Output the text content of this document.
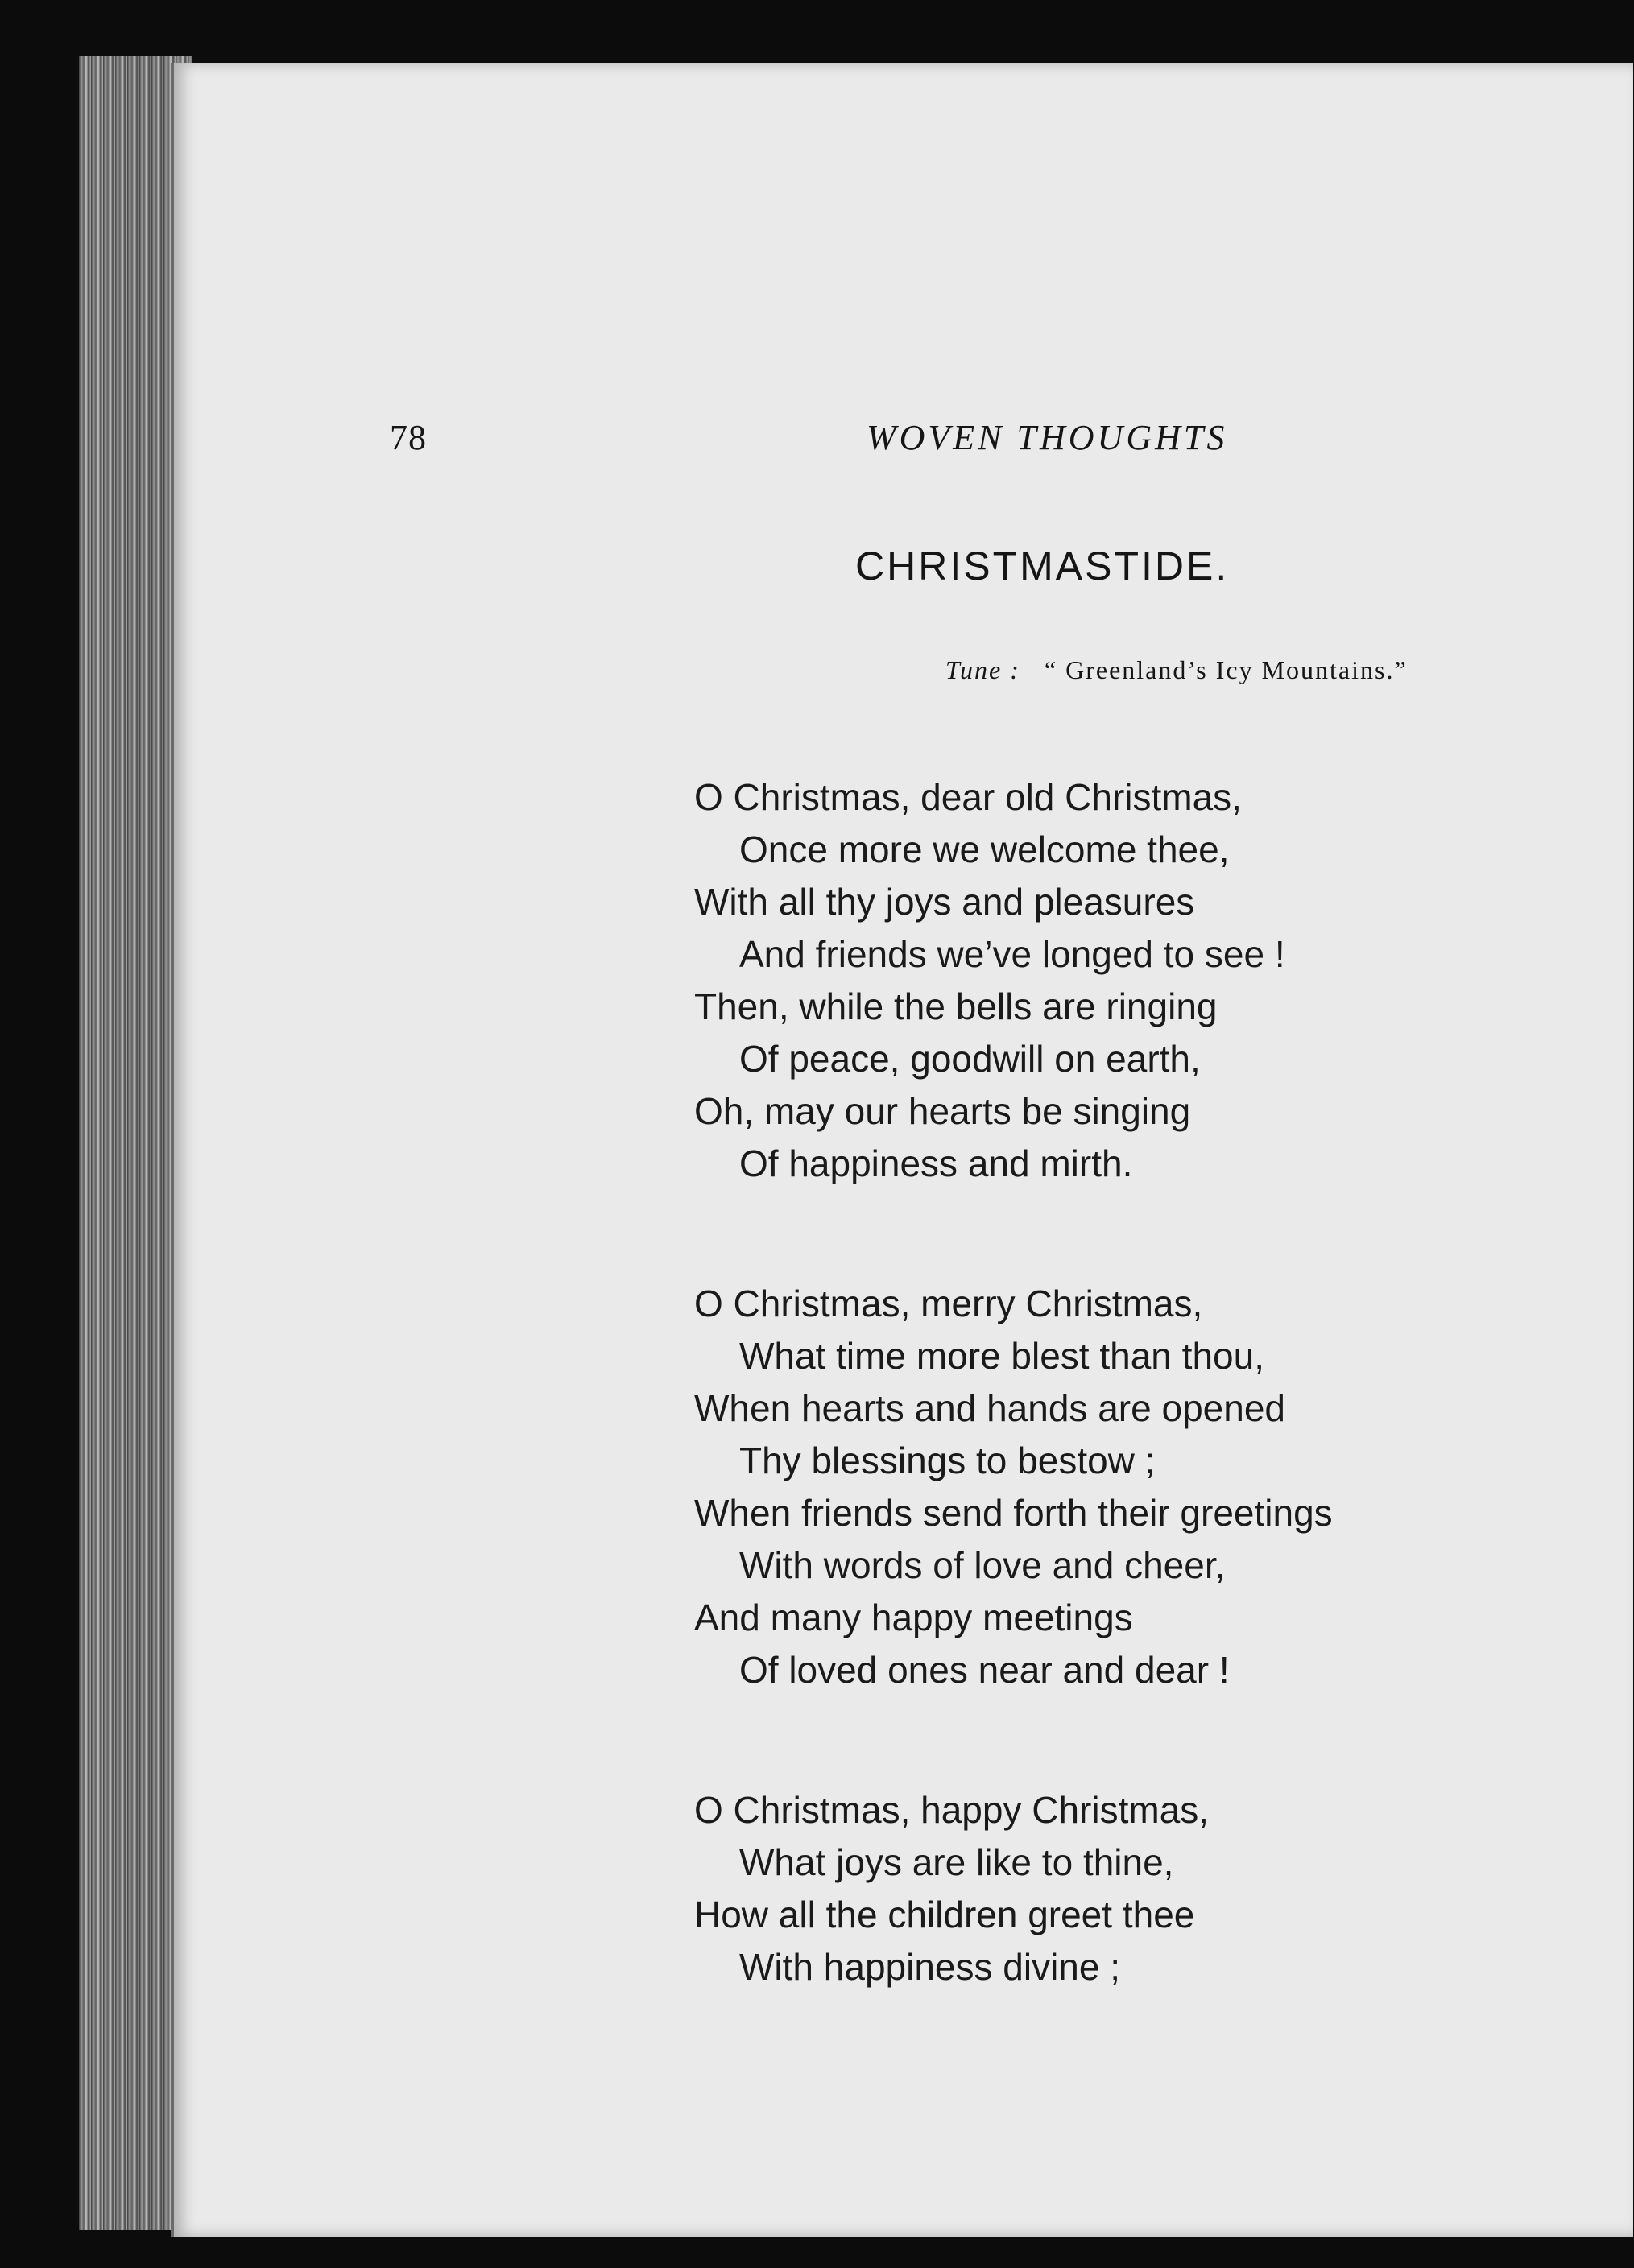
78	WOVEN THOUGHTS
CHRISTMASTIDE.
Tune : “ Greenland’s Icy Mountains.”
O Christmas, dear old Christmas,
Once more we welcome thee,
With all thy joys and pleasures
And friends we’ve longed to see !
Then, while the bells are ringing
Of peace, goodwill on earth,
Oh, may our hearts be singing
Of happiness and mirth.
O Christmas, merry Christmas,
What time more blest than thou,
When hearts and hands are opened
Thy blessings to bestow ;
When friends send forth their greetings
With words of love and cheer,
And many happy meetings
Of loved ones near and dear !
O Christmas, happy Christmas,
What joys are like to thine,
How all the children greet thee
With happiness divine ;
